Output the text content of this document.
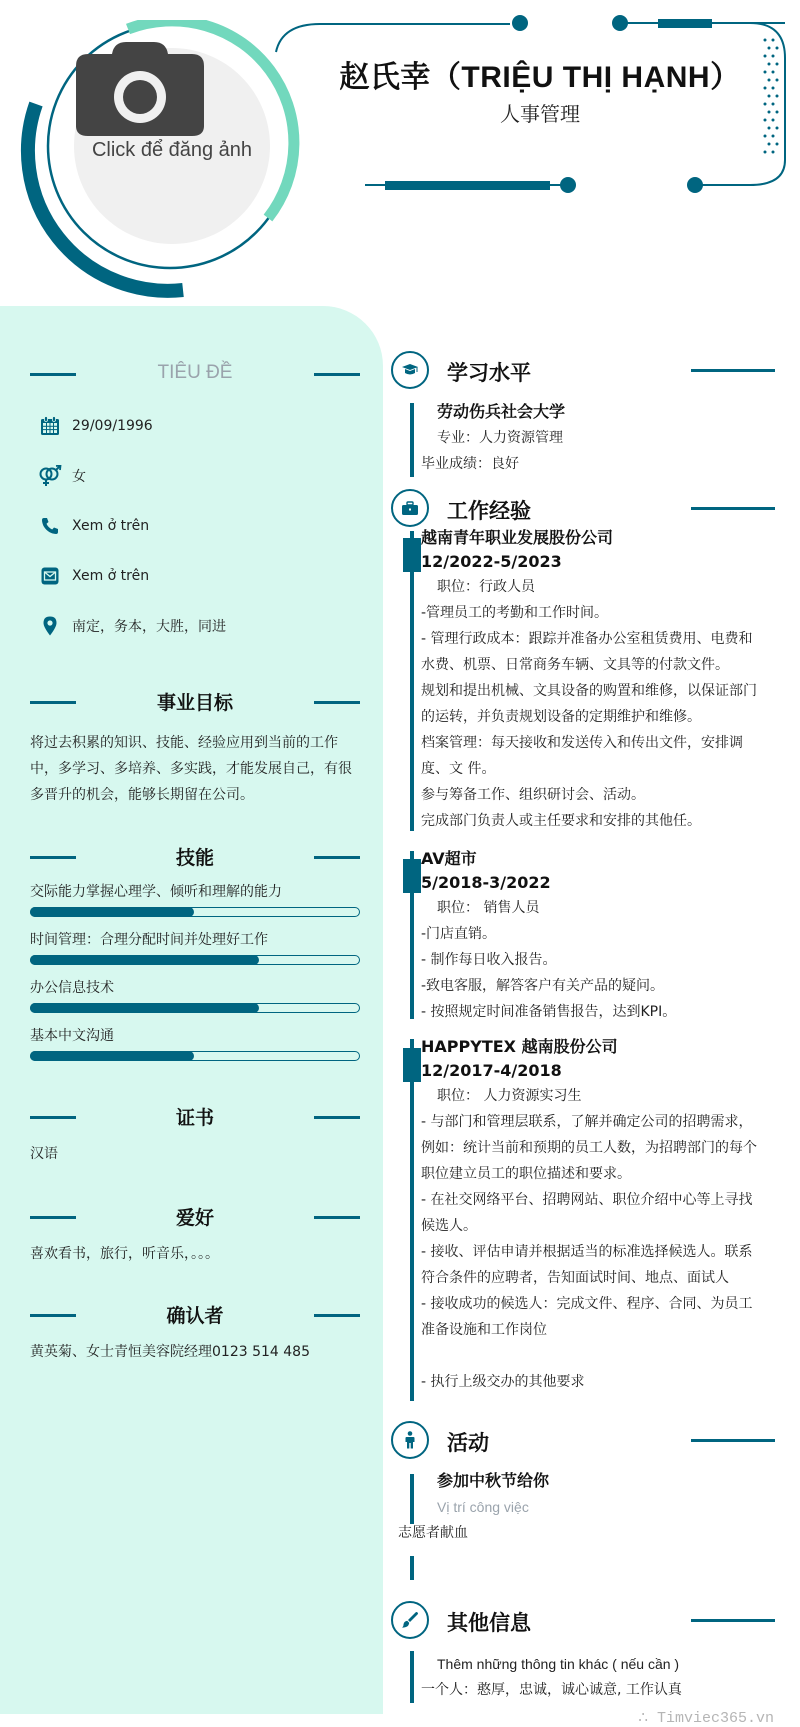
Click để đăng ảnh
赵氏幸（TRIỆU THỊ HẠNH）
人事管理
TIÊU ĐỀ
29/09/1996
女
Xem ở trên
Xem ở trên
南定，务本，大胜，同进
事业目标
将过去积累的知识、技能、经验应用到当前的工作中，多学习、多培养、多实践，才能发展自己，有很多晋升的机会，能够长期留在公司。
技能
交际能力掌握心理学、倾听和理解的能力
时间管理：合理分配时间并处理好工作
办公信息技术
基本中文沟通
证书
汉语
爱好
喜欢看书，旅行，听音乐，。。。
确认者
黄英菊、女士青恒美容院经理0123 514 485
学习水平
劳动伤兵社会大学
专业：人力资源管理
毕业成绩：良好
工作经验
越南青年职业发展股份公司
12/2022-5/2023
职位：行政人员
-管理员工的考勤和工作时间。
- 管理行政成本：跟踪并准备办公室租赁费用、电费和
水费、机票、日常商务车辆、文具等的付款文件。
规划和提出机械、文具设备的购置和维修，以保证部门
的运转，并负责规划设备的定期维护和维修。
档案管理：每天接收和发送传入和传出文件，安排调
度、文 件。
参与筹备工作、组织研讨会、活动。
完成部门负责人或主任要求和安排的其他任。
AV超市
5/2018-3/2022
职位： 销售人员
-门店直销。
- 制作每日收入报告。
-致电客服，解答客户有关产品的疑问。
- 按照规定时间准备销售报告，达到KPI。
HAPPYTEX 越南股份公司
12/2017-4/2018
职位： 人力资源实习生
- 与部门和管理层联系，了解并确定公司的招聘需求，
例如：统计当前和预期的员工人数，为招聘部门的每个
职位建立员工的职位描述和要求。
- 在社交网络平台、招聘网站、职位介绍中心等上寻找
候选人。
- 接收、评估申请并根据适当的标准选择候选人。联系
符合条件的应聘者，告知面试时间、地点、面试人
- 接收成功的候选人：完成文件、程序、合同、为员工
准备设施和工作岗位
- 执行上级交办的其他要求
活动
参加中秋节给你
Vị trí công việc
志愿者献血
其他信息
Thêm những thông tin khác ( nếu cần )
一个人：憨厚，忠诚，诚心诚意, 工作认真
∴ Timviec365.vn
